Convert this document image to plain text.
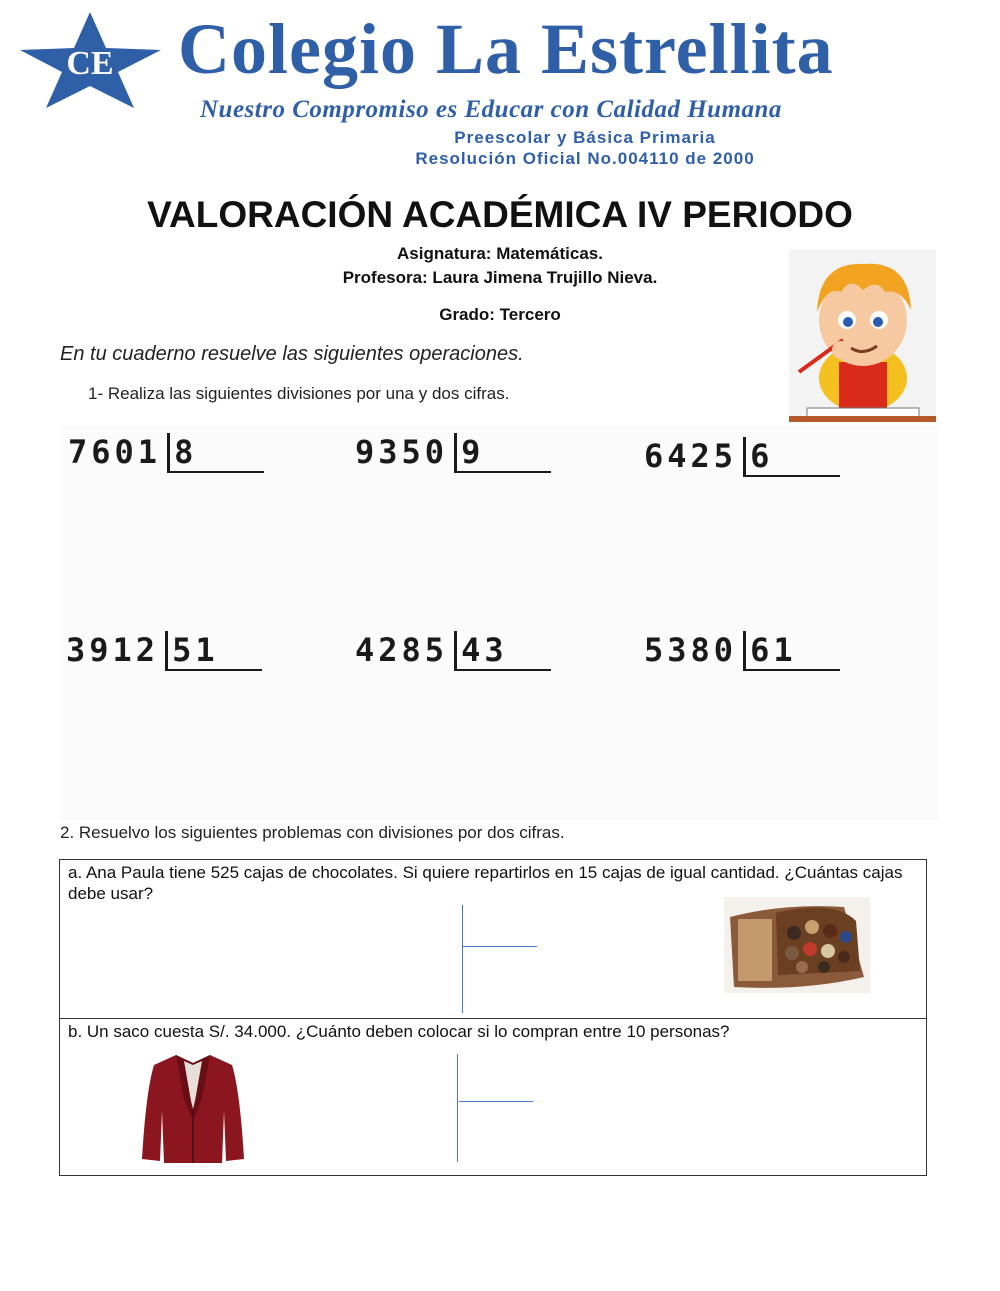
CE Colegio La Estrellita
Nuestro Compromiso es Educar con Calidad Humana
Preescolar y Básica Primaria
Resolución Oficial No.004110 de 2000
VALORACIÓN ACADÉMICA IV PERIODO
Asignatura: Matemáticas.
Profesora: Laura Jimena Trujillo Nieva.
Grado: Tercero
En tu cuaderno resuelve las siguientes operaciones.
1- Realiza las siguientes divisiones por una y dos cifras.
7601 8	9350 9	6425 6
3912 51	4285 43	5380 61
2. Resuelvo los siguientes problemas con divisiones por dos cifras.
a. Ana Paula tiene 525 cajas de chocolates. Si quiere repartirlos en 15 cajas de igual cantidad. ¿Cuántas cajas debe usar?
b. Un saco cuesta S/. 34.000. ¿Cuánto deben colocar si lo compran entre 10 personas?
